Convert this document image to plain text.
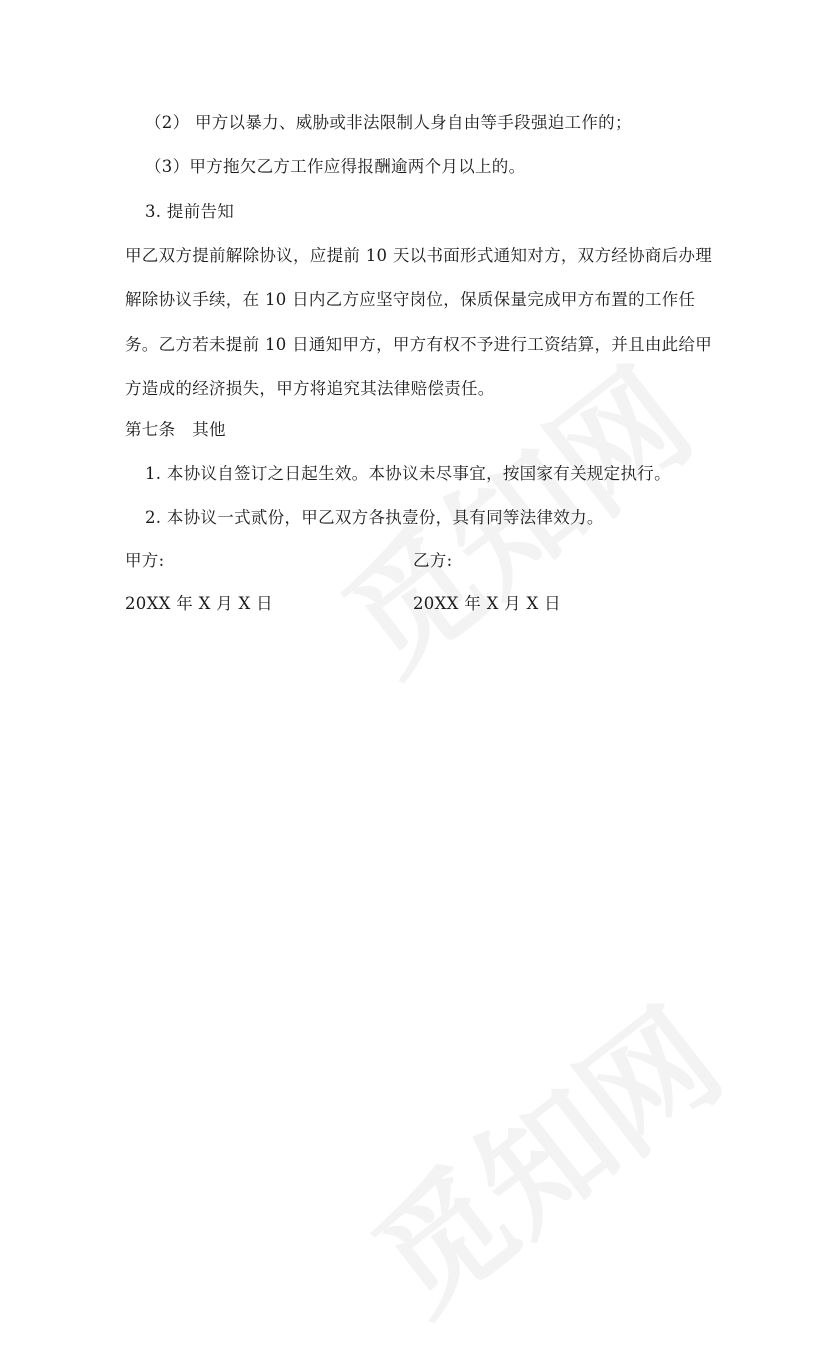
（2） 甲方以暴力、威胁或非法限制人身自由等手段强迫工作的；
（3）甲方拖欠乙方工作应得报酬逾两个月以上的。
3. 提前告知
甲乙双方提前解除协议，应提前 10 天以书面形式通知对方，双方经协商后办理
解除协议手续，在 10 日内乙方应坚守岗位，保质保量完成甲方布置的工作任
务。乙方若未提前 10 日通知甲方，甲方有权不予进行工资结算，并且由此给甲
方造成的经济损失，甲方将追究其法律赔偿责任。
第七条　其他
1. 本协议自签订之日起生效。本协议未尽事宜，按国家有关规定执行。
2. 本协议一式贰份，甲乙双方各执壹份，具有同等法律效力。
甲方:	乙方:
20XX 年 X 月 X 日	20XX 年 X 月 X 日
